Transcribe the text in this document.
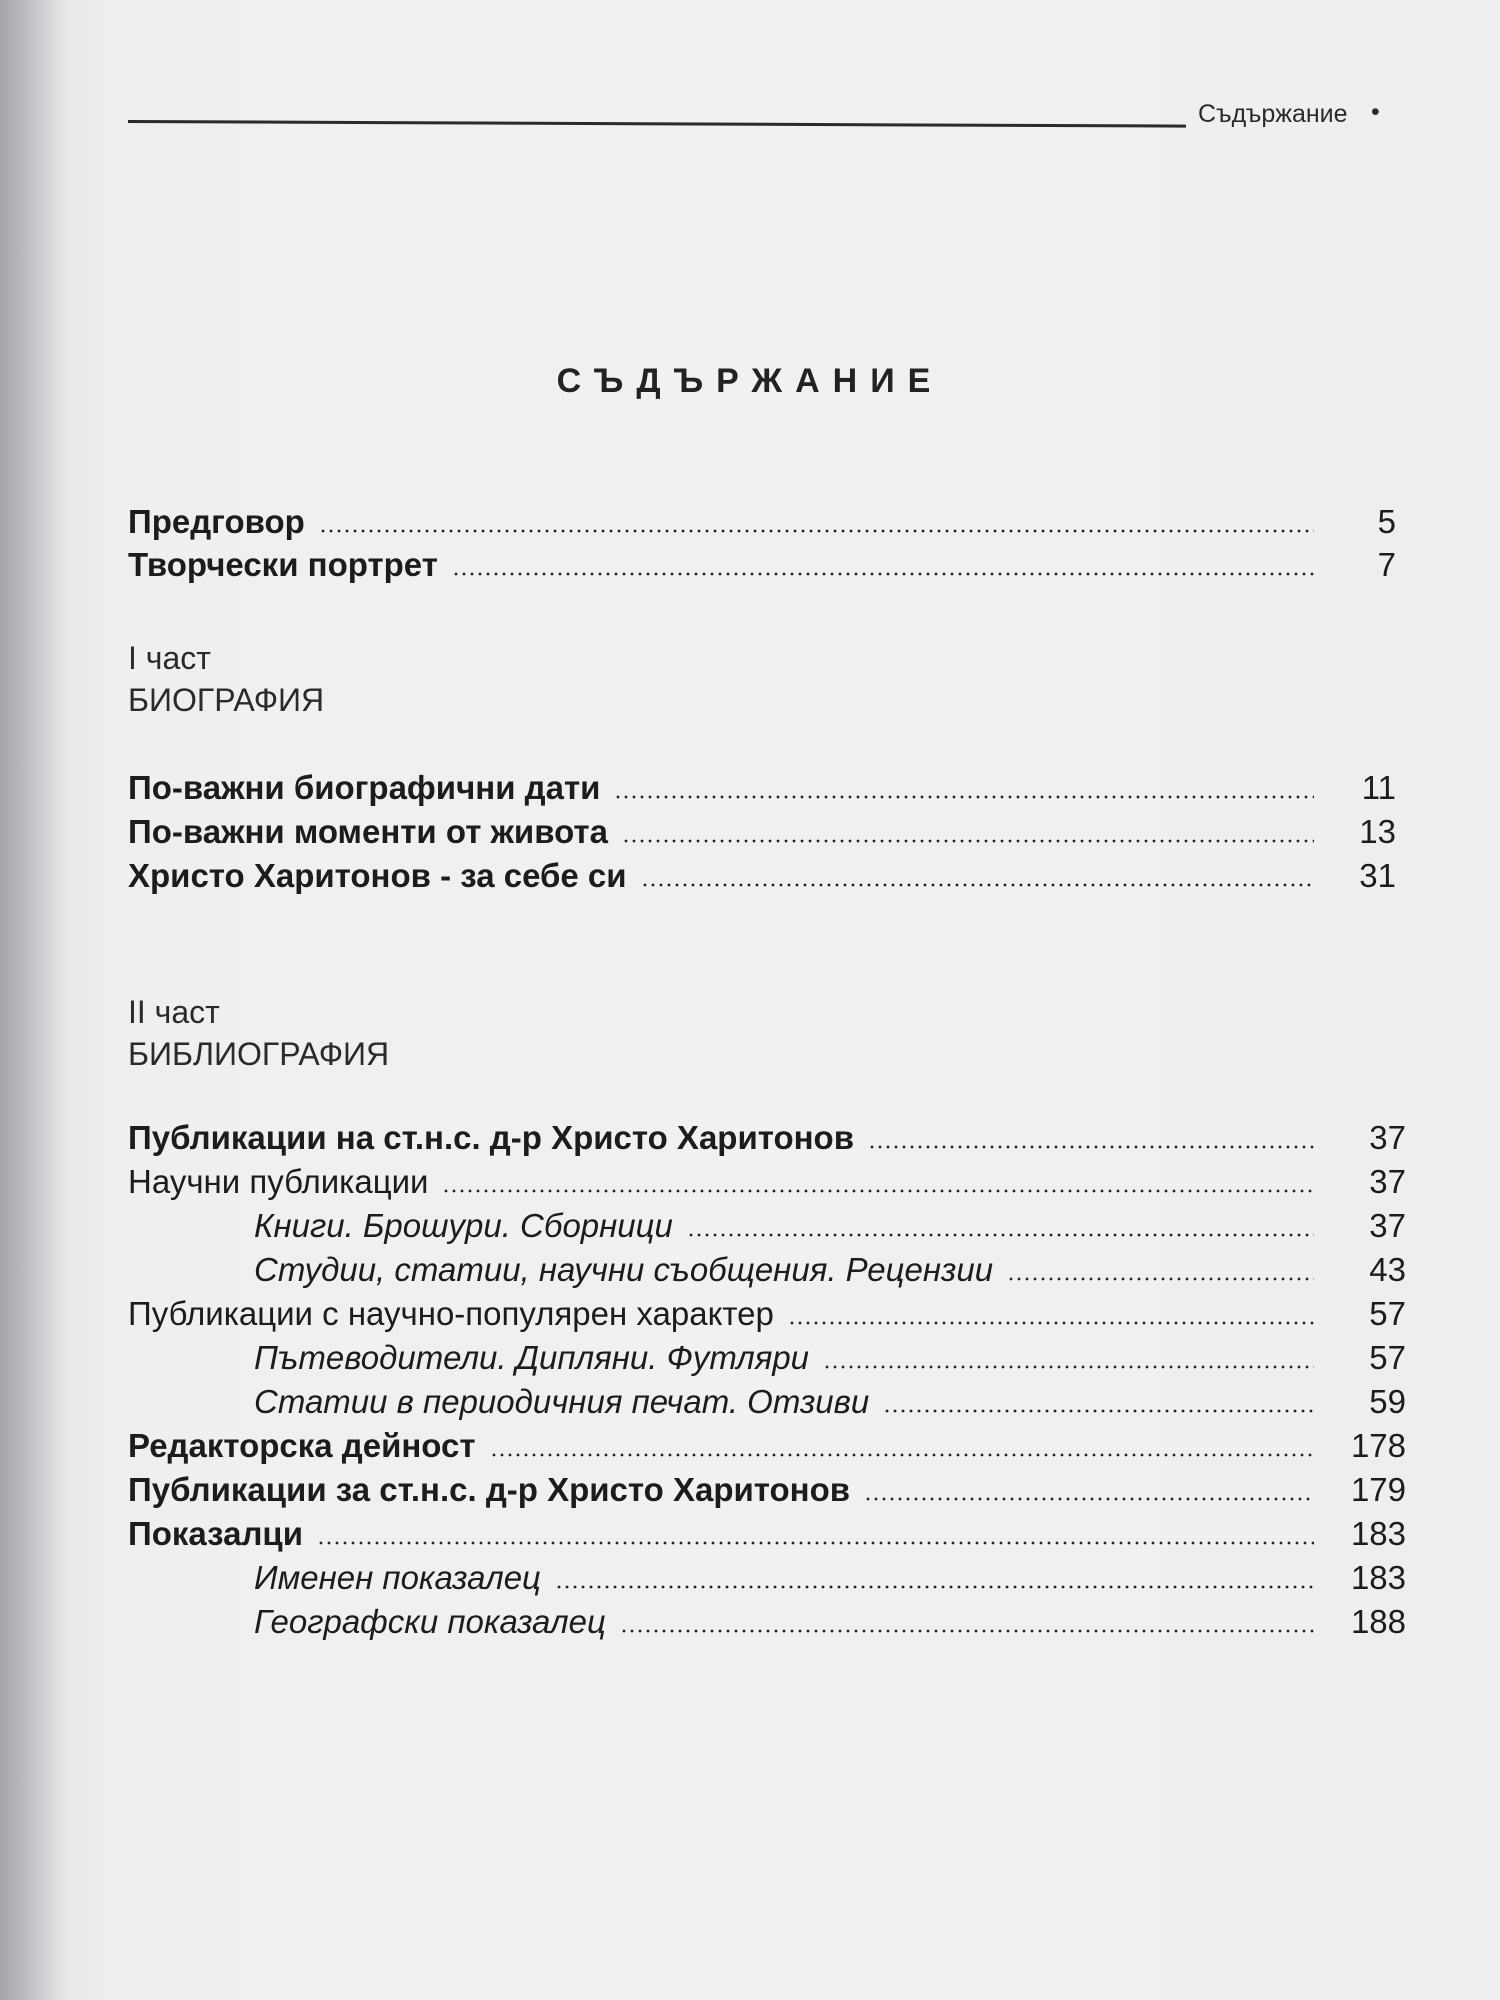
Съдържание •
СЪДЪРЖАНИЕ
Предговор	5
Творчески портрет	7
I част
БИОГРАФИЯ
По-важни биографични дати	11
По-важни моменти от живота	13
Христо Харитонов - за себе си	31
II част
БИБЛИОГРАФИЯ
Публикации на ст.н.с. д-р Христо Харитонов	37
Научни публикации	37
Книги. Брошури. Сборници	37
Студии, статии, научни съобщения. Рецензии	43
Публикации с научно-популярен характер	57
Пътеводители. Дипляни. Футляри	57
Статии в периодичния печат. Отзиви	59
Редакторска дейност	178
Публикации за ст.н.с. д-р Христо Харитонов	179
Показалци	183
Именен показалец	183
Географски показалец	188
